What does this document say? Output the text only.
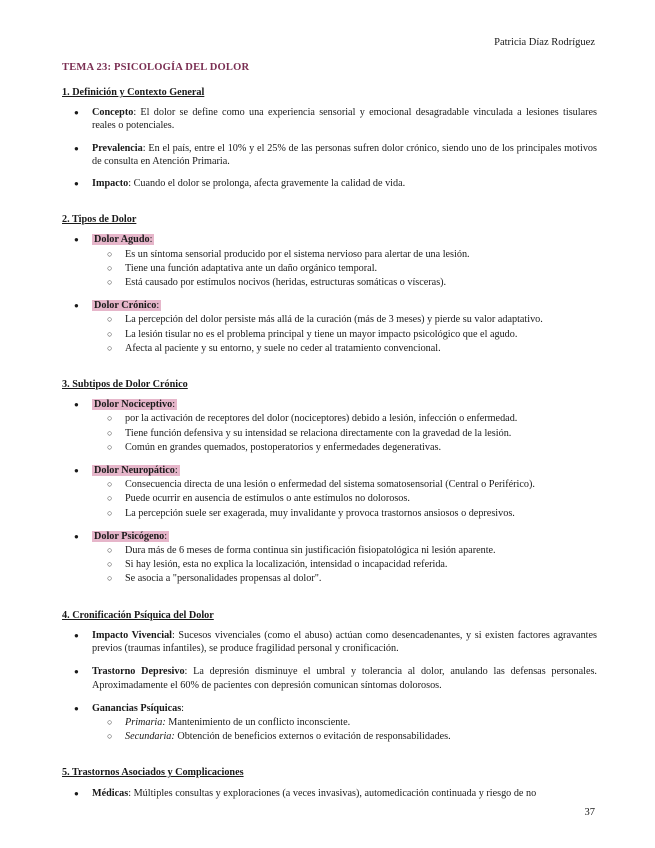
Patricia Díaz Rodríguez
TEMA 23: PSICOLOGÍA DEL DOLOR
1. Definición y Contexto General
● Concepto: El dolor se define como una experiencia sensorial y emocional desagradable vinculada a lesiones tisulares reales o potenciales.
● Prevalencia: En el país, entre el 10% y el 25% de las personas sufren dolor crónico, siendo uno de los principales motivos de consulta en Atención Primaria.
● Impacto: Cuando el dolor se prolonga, afecta gravemente la calidad de vida.
2. Tipos de Dolor
● Dolor Agudo:
○ Es un síntoma sensorial producido por el sistema nervioso para alertar de una lesión.
○ Tiene una función adaptativa ante un daño orgánico temporal.
○ Está causado por estímulos nocivos (heridas, estructuras somáticas o vísceras).
● Dolor Crónico:
○ La percepción del dolor persiste más allá de la curación (más de 3 meses) y pierde su valor adaptativo.
○ La lesión tisular no es el problema principal y tiene un mayor impacto psicológico que el agudo.
○ Afecta al paciente y su entorno, y suele no ceder al tratamiento convencional.
3. Subtipos de Dolor Crónico
● Dolor Nociceptivo:
○ por la activación de receptores del dolor (nociceptores) debido a lesión, infección o enfermedad.
○ Tiene función defensiva y su intensidad se relaciona directamente con la gravedad de la lesión.
○ Común en grandes quemados, postoperatorios y enfermedades degenerativas.
● Dolor Neuropático:
○ Consecuencia directa de una lesión o enfermedad del sistema somatosensorial (Central o Periférico).
○ Puede ocurrir en ausencia de estímulos o ante estímulos no dolorosos.
○ La percepción suele ser exagerada, muy invalidante y provoca trastornos ansiosos o depresivos.
● Dolor Psicógeno:
○ Dura más de 6 meses de forma continua sin justificación fisiopatológica ni lesión aparente.
○ Si hay lesión, esta no explica la localización, intensidad o incapacidad referida.
○ Se asocia a "personalidades propensas al dolor".
4. Cronificación Psíquica del Dolor
● Impacto Vivencial: Sucesos vivenciales (como el abuso) actúan como desencadenantes, y si existen factores agravantes previos (traumas infantiles), se produce fragilidad personal y cronificación.
● Trastorno Depresivo: La depresión disminuye el umbral y tolerancia al dolor, anulando las defensas personales. Aproximadamente el 60% de pacientes con depresión comunican síntomas dolorosos.
● Ganancias Psíquicas:
○ Primaria: Mantenimiento de un conflicto inconsciente.
○ Secundaria: Obtención de beneficios externos o evitación de responsabilidades.
5. Trastornos Asociados y Complicaciones
● Médicas: Múltiples consultas y exploraciones (a veces invasivas), automedicación continuada y riesgo de no
37
